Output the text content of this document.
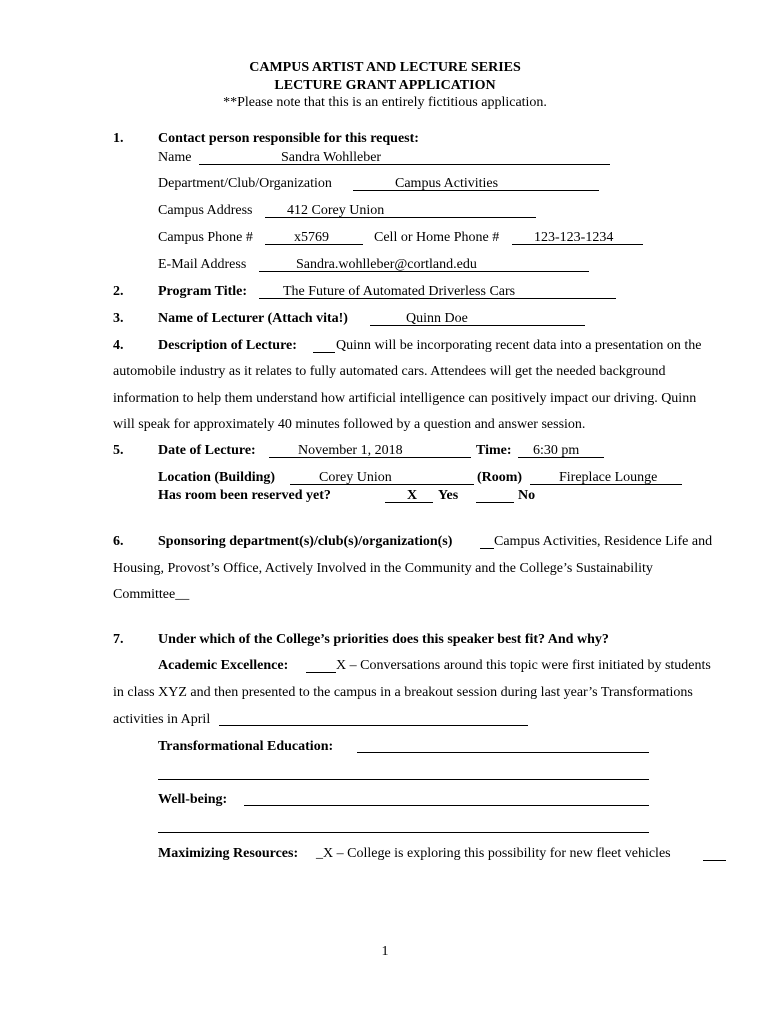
CAMPUS ARTIST AND LECTURE SERIES
LECTURE GRANT APPLICATION
**Please note that this is an entirely fictitious application.
1. Contact person responsible for this request:
Name	Sandra Wohlleber
Department/Club/Organization	Campus Activities
Campus Address 412 Corey Union
Campus Phone #	x5769	Cell or Home Phone # 123-123-1234
E-Mail Address	Sandra.wohlleber@cortland.edu
2. Program Title:	The Future of Automated Driverless Cars
3. Name of Lecturer (Attach vita!)	Quinn Doe
4. Description of Lecture:	Quinn will be incorporating recent data into a presentation on the
automobile industry as it relates to fully automated cars. Attendees will get the needed background
information to help them understand how artificial intelligence can positively impact our driving. Quinn
will speak for approximately 40 minutes followed by a question and answer session.
5. Date of Lecture:	November 1, 2018	Time: 6:30 pm
Location (Building)	Corey Union	(Room)	Fireplace Lounge
Has room been reserved yet?	X Yes	No
6. Sponsoring department(s)/club(s)/organization(s)	Campus Activities, Residence Life and
Housing, Provost’s Office, Actively Involved in the Community and the College’s Sustainability
Committee__
7. Under which of the College’s priorities does this speaker best fit? And why?
Academic Excellence:	X – Conversations around this topic were first initiated by students
in class XYZ and then presented to the campus in a breakout session during last year’s Transformations
activities in April
Transformational Education:
Well-being:
Maximizing Resources: _X – College is exploring this possibility for new fleet vehicles
1
